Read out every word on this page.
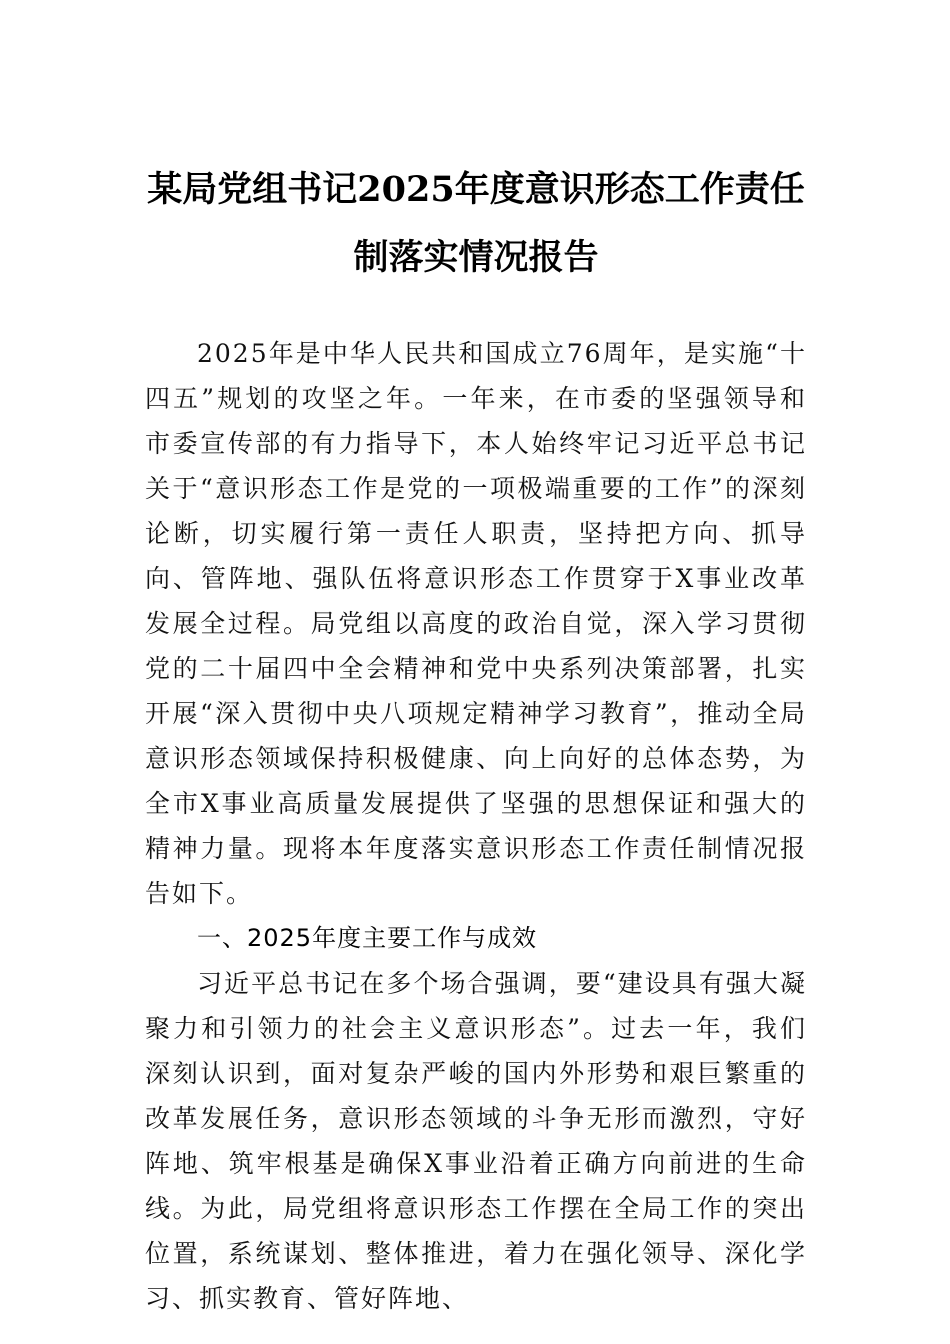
某局党组书记2025年度意识形态工作责任
制落实情况报告

2025年是中华人民共和国成立76周年，是实施“十四五”规划的攻坚之年。一年来，在市委的坚强领导和市委宣传部的有力指导下，本人始终牢记习近平总书记关于“意识形态工作是党的一项极端重要的工作”的深刻论断，切实履行第一责任人职责，坚持把方向、抓导向、管阵地、强队伍将意识形态工作贯穿于X事业改革发展全过程。局党组以高度的政治自觉，深入学习贯彻党的二十届四中全会精神和党中央系列决策部署，扎实开展“深入贯彻中央八项规定精神学习教育”，推动全局意识形态领域保持积极健康、向上向好的总体态势，为全市X事业高质量发展提供了坚强的思想保证和强大的精神力量。现将本年度落实意识形态工作责任制情况报告如下。

一、2025年度主要工作与成效

习近平总书记在多个场合强调，要“建设具有强大凝聚力和引领力的社会主义意识形态”。过去一年，我们深刻认识到，面对复杂严峻的国内外形势和艰巨繁重的改革发展任务，意识形态领域的斗争无形而激烈，守好阵地、筑牢根基是确保X事业沿着正确方向前进的生命线。为此，局党组将意识形态工作摆在全局工作的突出位置，系统谋划、整体推进，着力在强化领导、深化学习、抓实教育、管好阵地、
